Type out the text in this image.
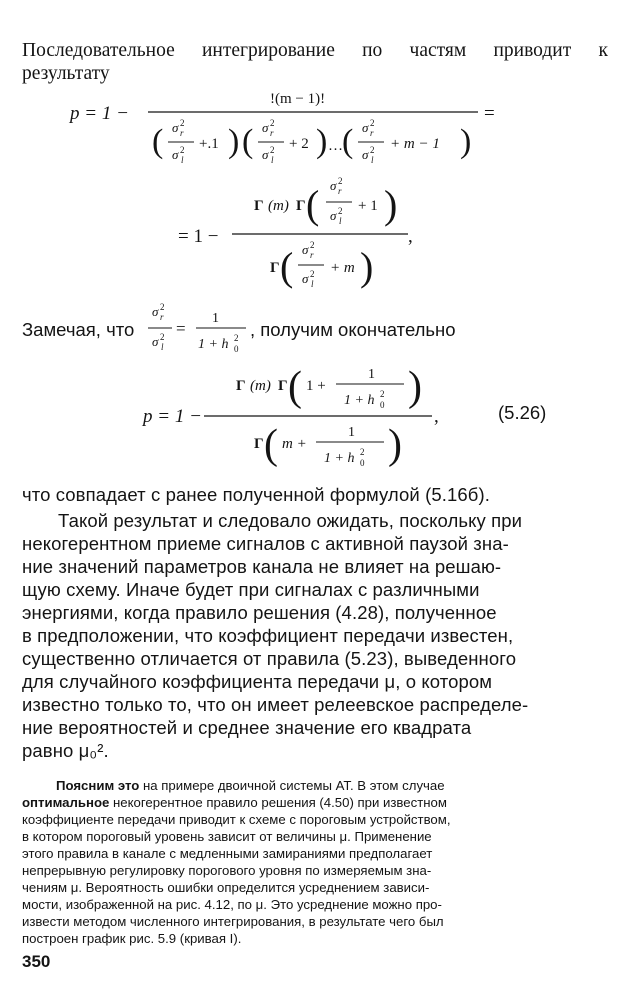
Последовательное интегрирование по частям приводит к
результату
p = 1 −
!(m − 1)!
=
( σ 2
r
σ 2
l
+.1 ) ( σ 2
r
σ 2
l
+ 2 ) … ( σ 2
r
σ 2
l
+ m − 1 )
Г (m) Г ( σ 2
r
σ 2
l
+ 1 )
= 1 −	,
Г ( σ 2
r
σ 2
l
+ m )
Замечая, что
σ 2
r
σ 2
l
=
1
1 + h 2
0
, получим окончательно
Г (m) Г ( 1 +
1
1 + h 2
0 )
p = 1 −	,
Г ( m +
1
1 + h 2
0 )
(5.26)
что совпадает с ранее полученной формулой (5.16б).
Такой результат и следовало ожидать, поскольку при
некогерентном приеме сигналов с активной паузой зна-
ние значений параметров канала не влияет на решаю-
щую схему. Иначе будет при сигналах с различными
энергиями, когда правило решения (4.28), полученное
в предположении, что коэффициент передачи известен,
существенно отличается от правила (5.23), выведенного
для случайного коэффициента передачи μ, о котором
известно только то, что он имеет релеевское распределе-
ние вероятностей и среднее значение его квадрата
равно μ₀².
Поясним это на примере двоичной системы АТ. В этом случае
оптимальное некогерентное правило решения (4.50) при известном
коэффициенте передачи приводит к схеме с пороговым устройством,
в котором пороговый уровень зависит от величины μ. Применение
этого правила в канале с медленными замираниями предполагает
непрерывную регулировку порогового уровня по измеряемым зна-
чениям μ. Вероятность ошибки определится усреднением зависи-
мости, изображенной на рис. 4.12, по μ. Это усреднение можно про-
извести методом численного интегрирования, в результате чего был
построен график рис. 5.9 (кривая I).
350
